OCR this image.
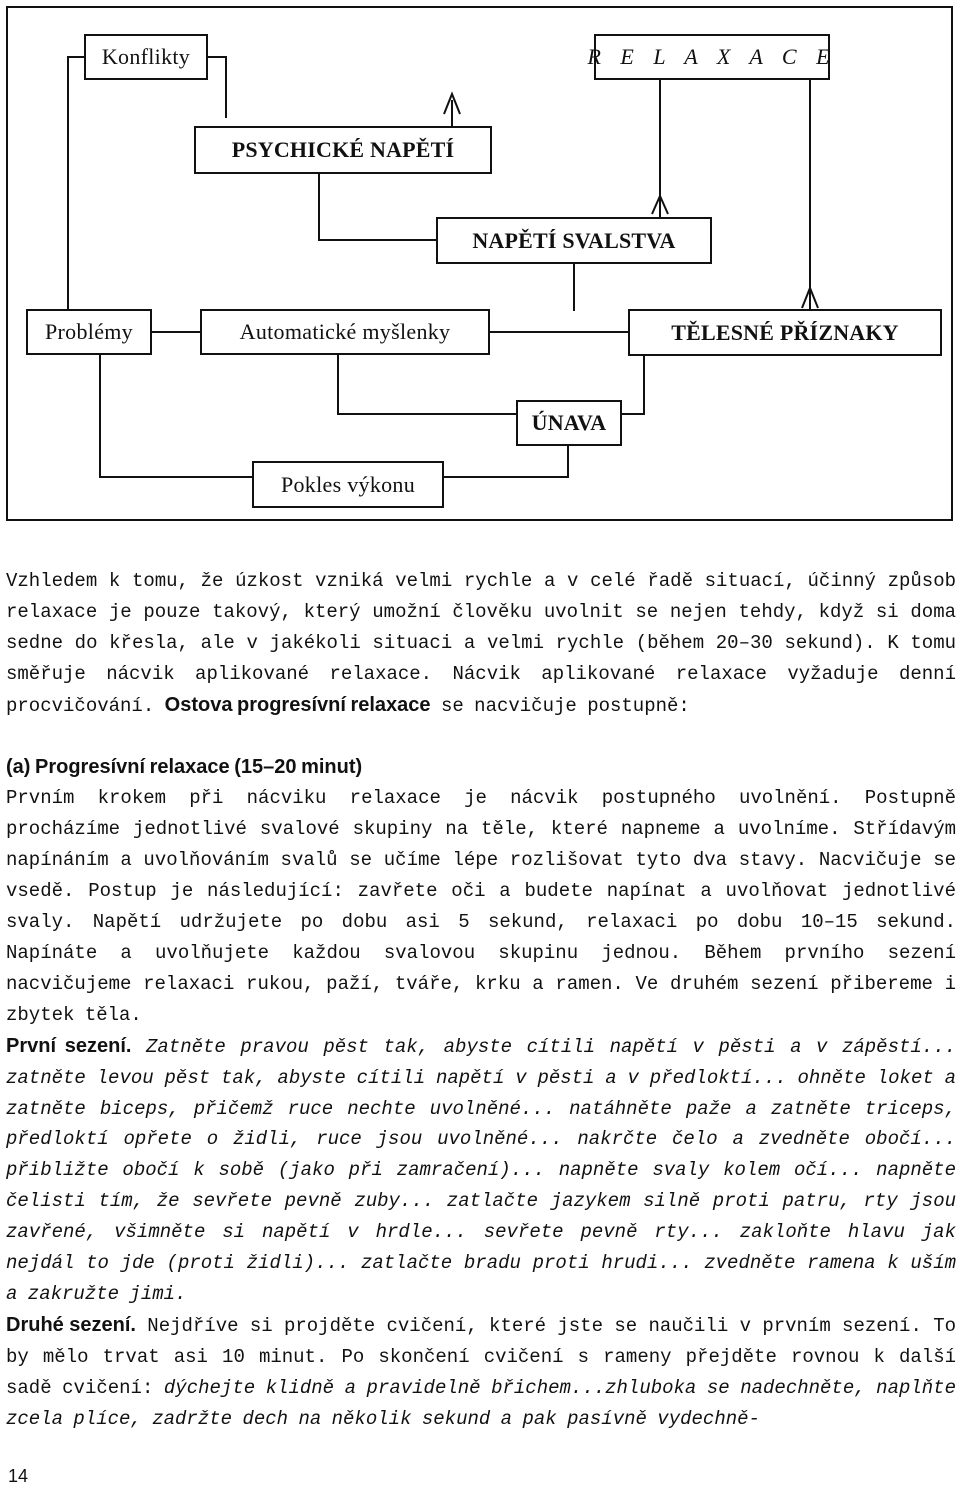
Konflikty	R E L A X A C E
PSYCHICKÉ NAPĚTÍ
NAPĚTÍ SVALSTVA
Problémy	Automatické myšlenky	TĚLESNÉ PŘÍZNAKY
ÚNAVA
Pokles výkonu

Vzhledem k tomu, že úzkost vzniká velmi rychle a v celé řadě situací, účinný způsob relaxace je pouze takový, který umožní člověku uvolnit se nejen tehdy, když si doma sedne do křesla, ale v jakékoli situaci a velmi rychle (během 20–30 sekund). K tomu směřuje nácvik aplikované relaxace. Nácvik aplikované relaxace vyžaduje denní procvičování. Ostova progresívní relaxace se nacvičuje postupně:

(a) Progresívní relaxace (15–20 minut)
Prvním krokem při nácviku relaxace je nácvik postupného uvolnění. Postupně procházíme jednotlivé svalové skupiny na těle, které napneme a uvolníme. Střídavým napínáním a uvolňováním svalů se učíme lépe rozlišovat tyto dva stavy. Nacvičuje se vsedě. Postup je následující: zavřete oči a budete napínat a uvolňovat jednotlivé svaly. Napětí udržujete po dobu asi 5 sekund, relaxaci po dobu 10–15 sekund. Napínáte a uvolňujete každou svalovou skupinu jednou. Během prvního sezení nacvičujeme relaxaci rukou, paží, tváře, krku a ramen. Ve druhém sezení přibereme i zbytek těla.

První sezení. Zatněte pravou pěst tak, abyste cítili napětí v pěsti a v zápěstí... zatněte levou pěst tak, abyste cítili napětí v pěsti a v předloktí... ohněte loket a zatněte biceps, přičemž ruce nechte uvolněné... natáhněte paže a zatněte triceps, předloktí opřete o židli, ruce jsou uvolněné... nakrčte čelo a zvedněte obočí... přibližte obočí k sobě (jako při zamračení)... napněte svaly kolem očí... napněte čelisti tím, že sevřete pevně zuby... zatlačte jazykem silně proti patru, rty jsou zavřené, všimněte si napětí v hrdle... sevřete pevně rty... zakloňte hlavu jak nejdál to jde (proti židli)... zatlačte bradu proti hrudi... zvedněte ramena k uším a zakružte jimi.

Druhé sezení. Nejdříve si projděte cvičení, které jste se naučili v prvním sezení. To by mělo trvat asi 10 minut. Po skončení cvičení s rameny přejděte rovnou k další sadě cvičení: dýchejte klidně a pravidelně břichem...zhluboka se nadechněte, naplňte zcela plíce, zadržte dech na několik sekund a pak pasívně vydechně-

14
